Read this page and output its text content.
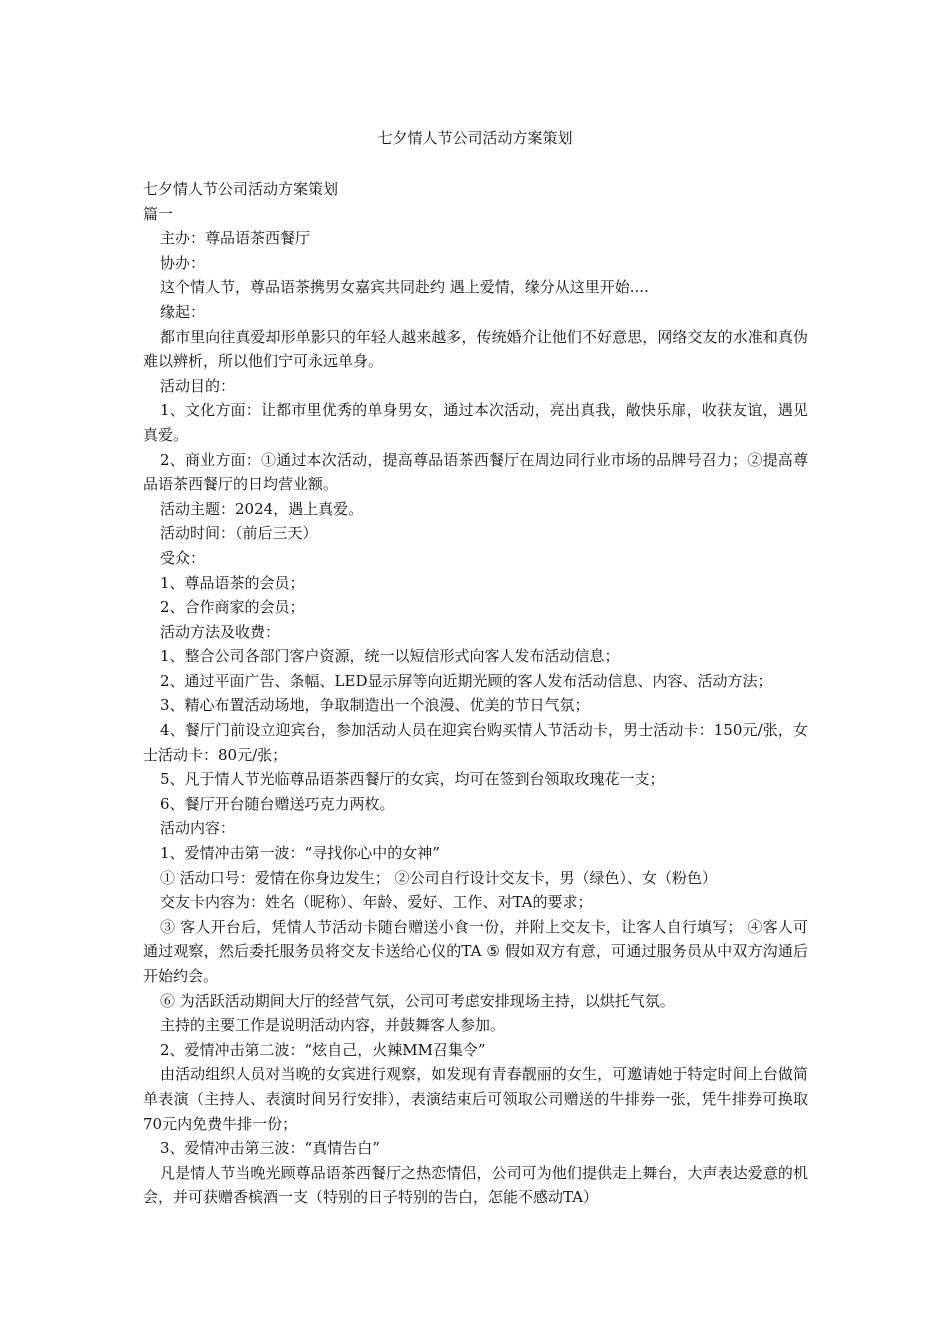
七夕情人节公司活动方案策划

七夕情人节公司活动方案策划

篇一

主办：尊品语茶西餐厅

协办：

这个情人节，尊品语茶携男女嘉宾共同赴约 遇上爱情，缘分从这里开始....

缘起：

都市里向往真爱却形单影只的年轻人越来越多，传统婚介让他们不好意思，网络交友的水准和真伪难以辨析，所以他们宁可永远单身。

活动目的：

1、文化方面：让都市里优秀的单身男女，通过本次活动，亮出真我，敞快乐扉，收获友谊，遇见真爱。

2、商业方面：①通过本次活动，提高尊品语茶西餐厅在周边同行业市场的品牌号召力；②提高尊品语茶西餐厅的日均营业额。

活动主题：2024，遇上真爱。

活动时间：（前后三天）

受众：

1、尊品语茶的会员；

2、合作商家的会员；

活动方法及收费：

1、整合公司各部门客户资源，统一以短信形式向客人发布活动信息；

2、通过平面广告、条幅、LED显示屏等向近期光顾的客人发布活动信息、内容、活动方法；

3、精心布置活动场地，争取制造出一个浪漫、优美的节日气氛；

4、餐厅门前设立迎宾台，参加活动人员在迎宾台购买情人节活动卡，男士活动卡：150元/张，女士活动卡：80元/张；

5、凡于情人节光临尊品语茶西餐厅的女宾，均可在签到台领取玫瑰花一支；

6、餐厅开台随台赠送巧克力两枚。

活动内容：

1、爱情冲击第一波：“寻找你心中的女神”

① 活动口号：爱情在你身边发生； ②公司自行设计交友卡，男（绿色）、女（粉色）

交友卡内容为：姓名（昵称）、年龄、爱好、工作、对TA的要求；

③ 客人开台后，凭情人节活动卡随台赠送小食一份，并附上交友卡，让客人自行填写； ④客人可通过观察，然后委托服务员将交友卡送给心仪的TA ⑤ 假如双方有意，可通过服务员从中双方沟通后开始约会。

⑥ 为活跃活动期间大厅的经营气氛，公司可考虑安排现场主持，以烘托气氛。

主持的主要工作是说明活动内容，并鼓舞客人参加。

2、爱情冲击第二波：“炫自己，火辣MM召集令”

由活动组织人员对当晚的女宾进行观察，如发现有青春靓丽的女生，可邀请她于特定时间上台做简单表演（主持人、表演时间另行安排），表演结束后可领取公司赠送的牛排券一张，凭牛排券可换取70元内免费牛排一份；

3、爱情冲击第三波：“真情告白”

凡是情人节当晚光顾尊品语茶西餐厅之热恋情侣，公司可为他们提供走上舞台，大声表达爱意的机会，并可获赠香槟酒一支（特别的日子特别的告白，怎能不感动TA）
